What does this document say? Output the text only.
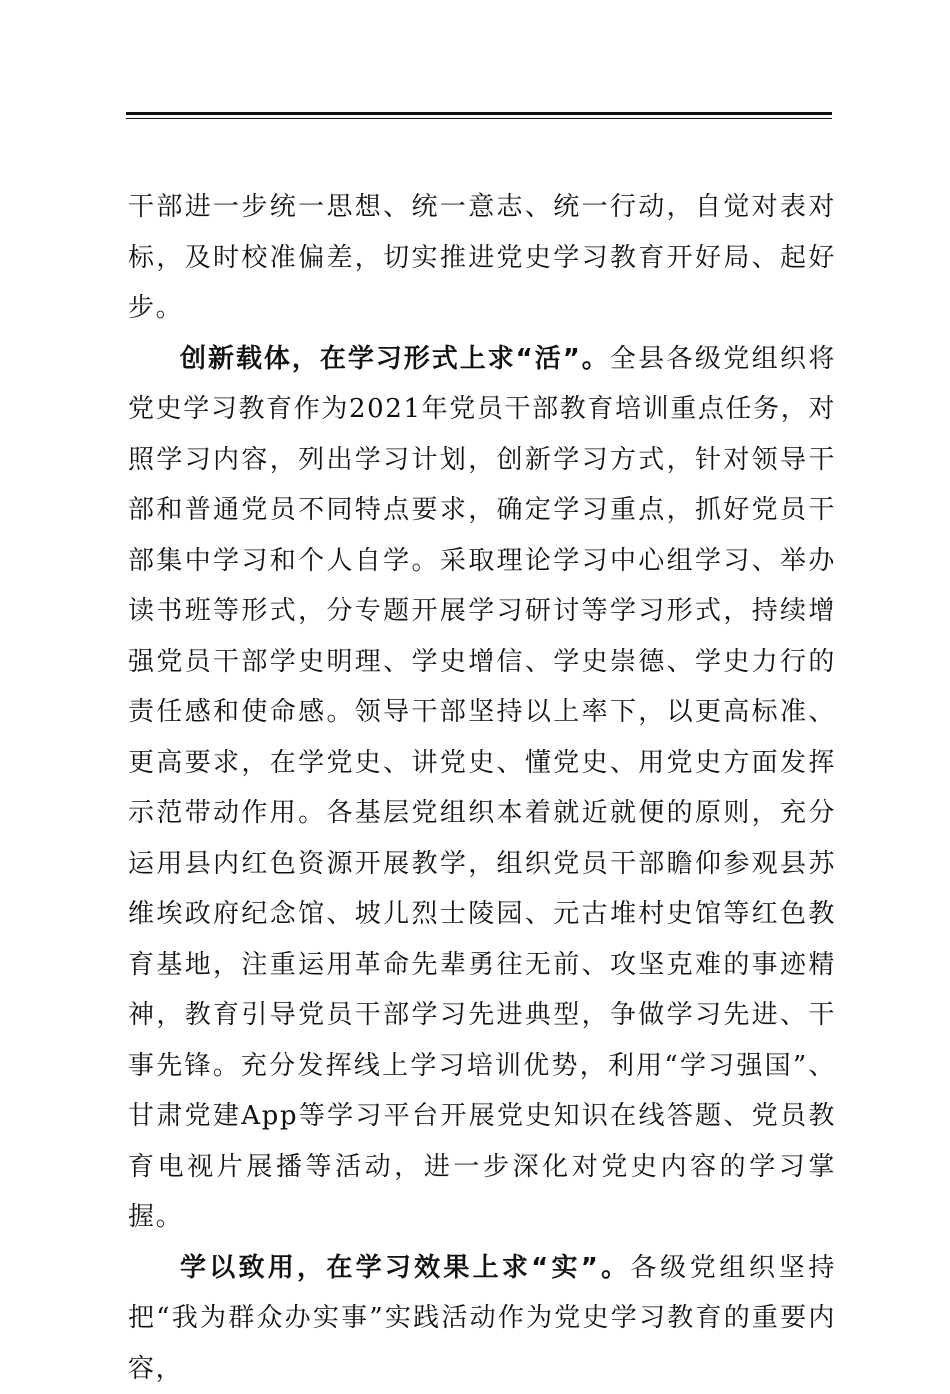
干部进一步统一思想、统一意志、统一行动，自觉对表对标，及时校准偏差，切实推进党史学习教育开好局、起好步。

创新载体，在学习形式上求“活”。全县各级党组织将党史学习教育作为2021年党员干部教育培训重点任务，对照学习内容，列出学习计划，创新学习方式，针对领导干部和普通党员不同特点要求，确定学习重点，抓好党员干部集中学习和个人自学。采取理论学习中心组学习、举办读书班等形式，分专题开展学习研讨等学习形式，持续增强党员干部学史明理、学史增信、学史崇德、学史力行的责任感和使命感。领导干部坚持以上率下，以更高标准、更高要求，在学党史、讲党史、懂党史、用党史方面发挥示范带动作用。各基层党组织本着就近就便的原则，充分运用县内红色资源开展教学，组织党员干部瞻仰参观县苏维埃政府纪念馆、坡儿烈士陵园、元古堆村史馆等红色教育基地，注重运用革命先辈勇往无前、攻坚克难的事迹精神，教育引导党员干部学习先进典型，争做学习先进、干事先锋。充分发挥线上学习培训优势，利用“学习强国”、甘肃党建App等学习平台开展党史知识在线答题、党员教育电视片展播等活动，进一步深化对党史内容的学习掌握。

学以致用，在学习效果上求“实”。各级党组织坚持把“我为群众办实事”实践活动作为党史学习教育的重要内容，
